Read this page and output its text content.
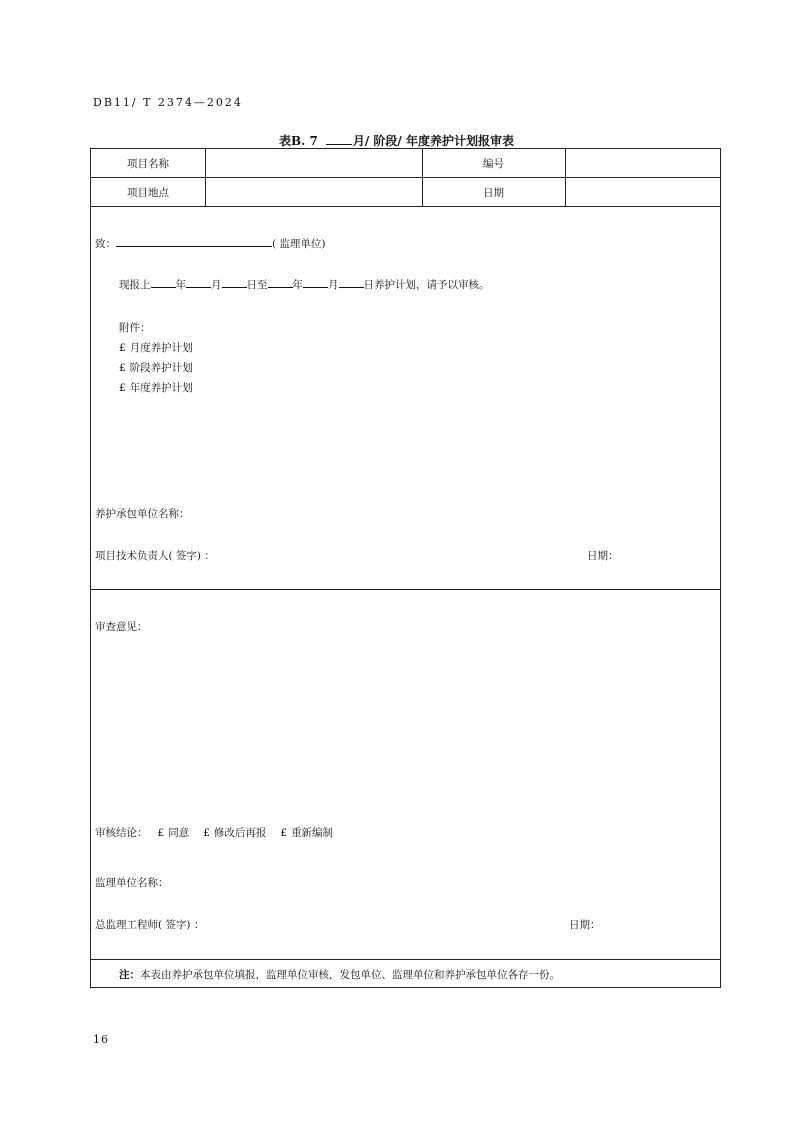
DB11/ T 2374—2024
表B. 7	月/ 阶段/ 年度养护计划报审表
项目名称	编号
项目地点	日期
致：	( 监理单位)
现报上 年 月 日至 年 月 日养护计划，请予以审核。
附件：
£ 月度养护计划
£ 阶段养护计划
£ 年度养护计划
养护承包单位名称：
项目技术负责人( 签字) ：	日期：
审查意见：
审核结论： £ 同意 £ 修改后再报 £ 重新编制
监理单位名称：
总监理工程师( 签字) ：	日期：
注：本表由养护承包单位填报，监理单位审核，发包单位、监理单位和养护承包单位各存一份。
16
